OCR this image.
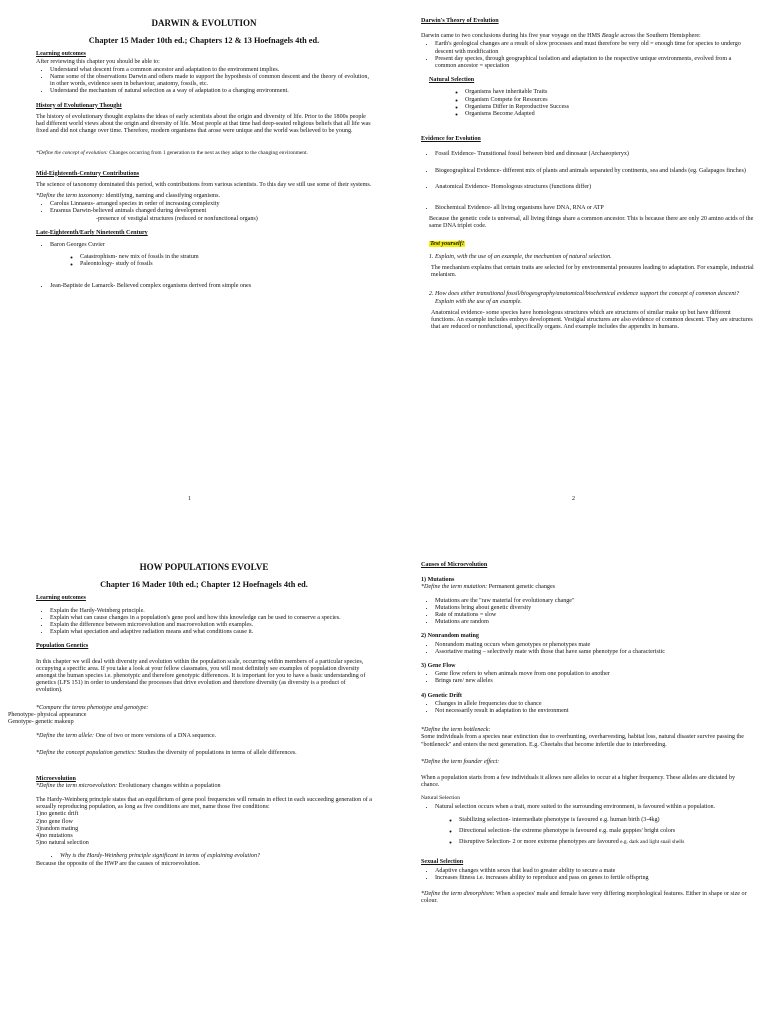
DARWIN & EVOLUTION
Chapter 15 Mader 10th ed.; Chapters 12 & 13 Hoefnagels 4th ed.
Learning outcomes
After reviewing this chapter you should be able to:
• Understand what descent from a common ancestor and adaptation to the environment implies.
• Name some of the observations Darwin and others made to support the hypothesis of common descent and the theory of evolution, in other words, evidence seen in behaviour, anatomy, fossils, etc.
• Understand the mechanism of natural selection as a way of adaptation to a changing environment.
History of Evolutionary Thought
The history of evolutionary thought explains the ideas of early scientists about the origin and diversity of life. Prior to the 1800s people had different world views about the origin and diversity of life. Most people at that time had deep-seated religious beliefs that all life was fixed and did not change over time. Therefore, modern organisms that arose were unique and the world was believed to be young.
*Define the concept of evolution: Changes occurring from 1 generation to the next as they adapt to the changing environment.
Mid-Eighteenth-Century Contributions
The science of taxonomy dominated this period, with contributions from various scientists. To this day we still use some of their systems.
*Define the term taxonomy: identifying, naming and classifying organisms.
• Carolus Linnaeus- arranged species in order of increasing complexity
• Erasmus Darwin-believed animals changed during development
-presence of vestigial structures (reduced or nonfunctional organs)
Late-Eighteenth/Early Nineteenth Century
• Baron Georges Cuvier
◦ Catastrophism- new mix of fossils in the stratum
◦ Paleontology- study of fossils
• Jean-Baptiste de Lamarck- Believed complex organisms derived from simple ones
1
Darwin's Theory of Evolution
Darwin came to two conclusions during his five year voyage on the HMS Beagle across the Southern Hemisphere:
• Earth's geological changes are a result of slow processes and must therefore be very old = enough time for species to undergo descent with modification
• Present day species, through geographical isolation and adaptation to the respective unique environments, evolved from a common ancestor = speciation
Natural Selection
◦ Organisms have inheritable Traits
◦ Organism Compete for Resources
◦ Organisms Differ in Reproductive Success
◦ Organisms Become Adapted
Evidence for Evolution
• Fossil Evidence- Transitional fossil between bird and dinosaur (Archaeopteryx)
• Biogeographical Evidence- different mix of plants and animals separated by continents, sea and islands (eg. Galapagos finches)
• Anatomical Evidence- Homologous structures (functions differ)
• Biochemical Evidence- all living organisms have DNA, RNA or ATP
Because the genetic code is universal, all living things share a common ancestor. This is because there are only 20 amino acids of the same DNA triplet code.
Test yourself!
1. Explain, with the use of an example, the mechanism of natural selection.
The mechanism explains that certain traits are selected for by environmental pressures leading to adaptation. For example, industrial melanism.
2. How does either transitional fossil/biogeography/anatomical/biochemical evidence support the concept of common descent? Explain with the use of an example.
Anatomical evidence- some species have homologous structures which are structures of similar make up but have different functions. An example includes embryo development. Vestigial structures are also evidence of common descent. They are structures that are reduced or nonfunctional, specifically organs. And example includes the appendix in humans.
2
HOW POPULATIONS EVOLVE
Chapter 16 Mader 10th ed.; Chapter 12 Hoefnagels 4th ed.
Learning outcomes
• Explain the Hardy-Weinberg principle.
• Explain what can cause changes in a population's gene pool and how this knowledge can be used to conserve a species.
• Explain the difference between microevolution and macroevolution with examples.
• Explain what speciation and adaptive radiation means and what conditions cause it.
Population Genetics
In this chapter we will deal with diversity and evolution within the population scale, occurring within members of a particular species, occupying a specific area. If you take a look at your fellow classmates, you will most definitely see examples of population diversity amongst the human species i.e. phenotypic and therefore genotypic differences. It is important for you to have a basic understanding of genetics (LFS 151) in order to understand the processes that drive evolution and therefore diversity (as diversity is a product of evolution).
*Compare the terms phenotype and genotype:
Phenotype- physical appearance
Genotype- genetic makeup
*Define the term allele: One of two or more versions of a DNA sequence.
*Define the concept population genetics: Studies the diversity of populations in terms of allele differences.
Microevolution
*Define the term microevolution: Evolutionary changes within a population
The Hardy-Weinberg principle states that an equilibrium of gene pool frequencies will remain in effect in each succeeding generation of a sexually reproducing population, as long as five conditions are met, name those five conditions:
1)no genetic drift
2)no gene flow
3)random mating
4)no mutations
5)no natural selection
• Why is the Hardy-Weinberg principle significant in terms of explaining evolution?
Because the opposite of the HWP are the causes of microevolution.
Causes of Microevolution
1) Mutations
*Define the term mutation: Permanent genetic changes
• Mutations are the "raw material for evolutionary change"
• Mutations bring about genetic diversity
• Rate of mutations = slow
• Mutations are random
2) Nonrandom mating
• Nonrandom mating occurs when genotypes or phenotypes mate
• Assortative mating – selectively mate with those that have same phenotype for a characteristic
3) Gene Flow
• Gene flow refers to when animals move from one population to another
• Brings rare/ new alleles
4) Genetic Drift
• Changes in allele frequencies due to chance
• Not necessarily result in adaptation to the environment
*Define the term bottleneck:
Some individuals from a species near extinction due to overhunting, overharvesting, habitat loss, natural disaster survive passing the "bottleneck" and enters the next generation. E.g. Cheetahs that become infertile due to interbreeding.
*Define the term founder effect:
When a population starts from a few individuals it allows rare alleles to occur at a higher frequency. These alleles are dictated by chance.
Natural Selection
• Natural selection occurs when a trait, more suited to the surrounding environment, is favoured within a population.
◦ Stabilizing selection- intermediate phenotype is favoured e.g. human birth (3-4kg)
◦ Directional selection- the extreme phenotype is favoured e.g. male guppies' bright colors
◦ Disruptive Selection- 2 or more extreme phenotypes are favoured e.g. dark and light snail shells
Sexual Selection
• Adaptive changes within sexes that lead to greater ability to secure a mate
• Increases fitness i.e. increases ability to reproduce and pass on genes to fertile offspring
*Define the term dimorphism: When a species' male and female have very differing morphological features. Either in shape or size or colour.
